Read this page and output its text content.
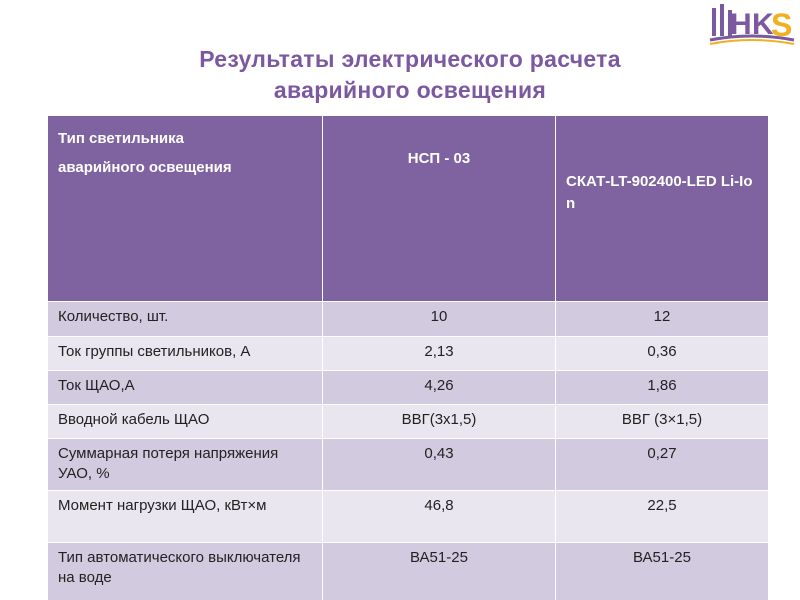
H K
S
Результаты электрического расчета
аварийного освещения
Тип светильника
аварийного освещения	НСП - 03	СКАТ-LT-902400-LED Li-Ion
Количество, шт.	10	12
Ток группы светильников, А	2,13	0,36
Ток ЩАО,А	4,26	1,86
Вводной кабель ЩАО	ВВГ(3х1,5)	ВВГ (3×1,5)
Суммарная потеря напряжения УАО, %	0,43	0,27
Момент нагрузки ЩАО, кВт×м	46,8	22,5
Тип автоматического выключателя на воде	ВА51-25	ВА51-25
